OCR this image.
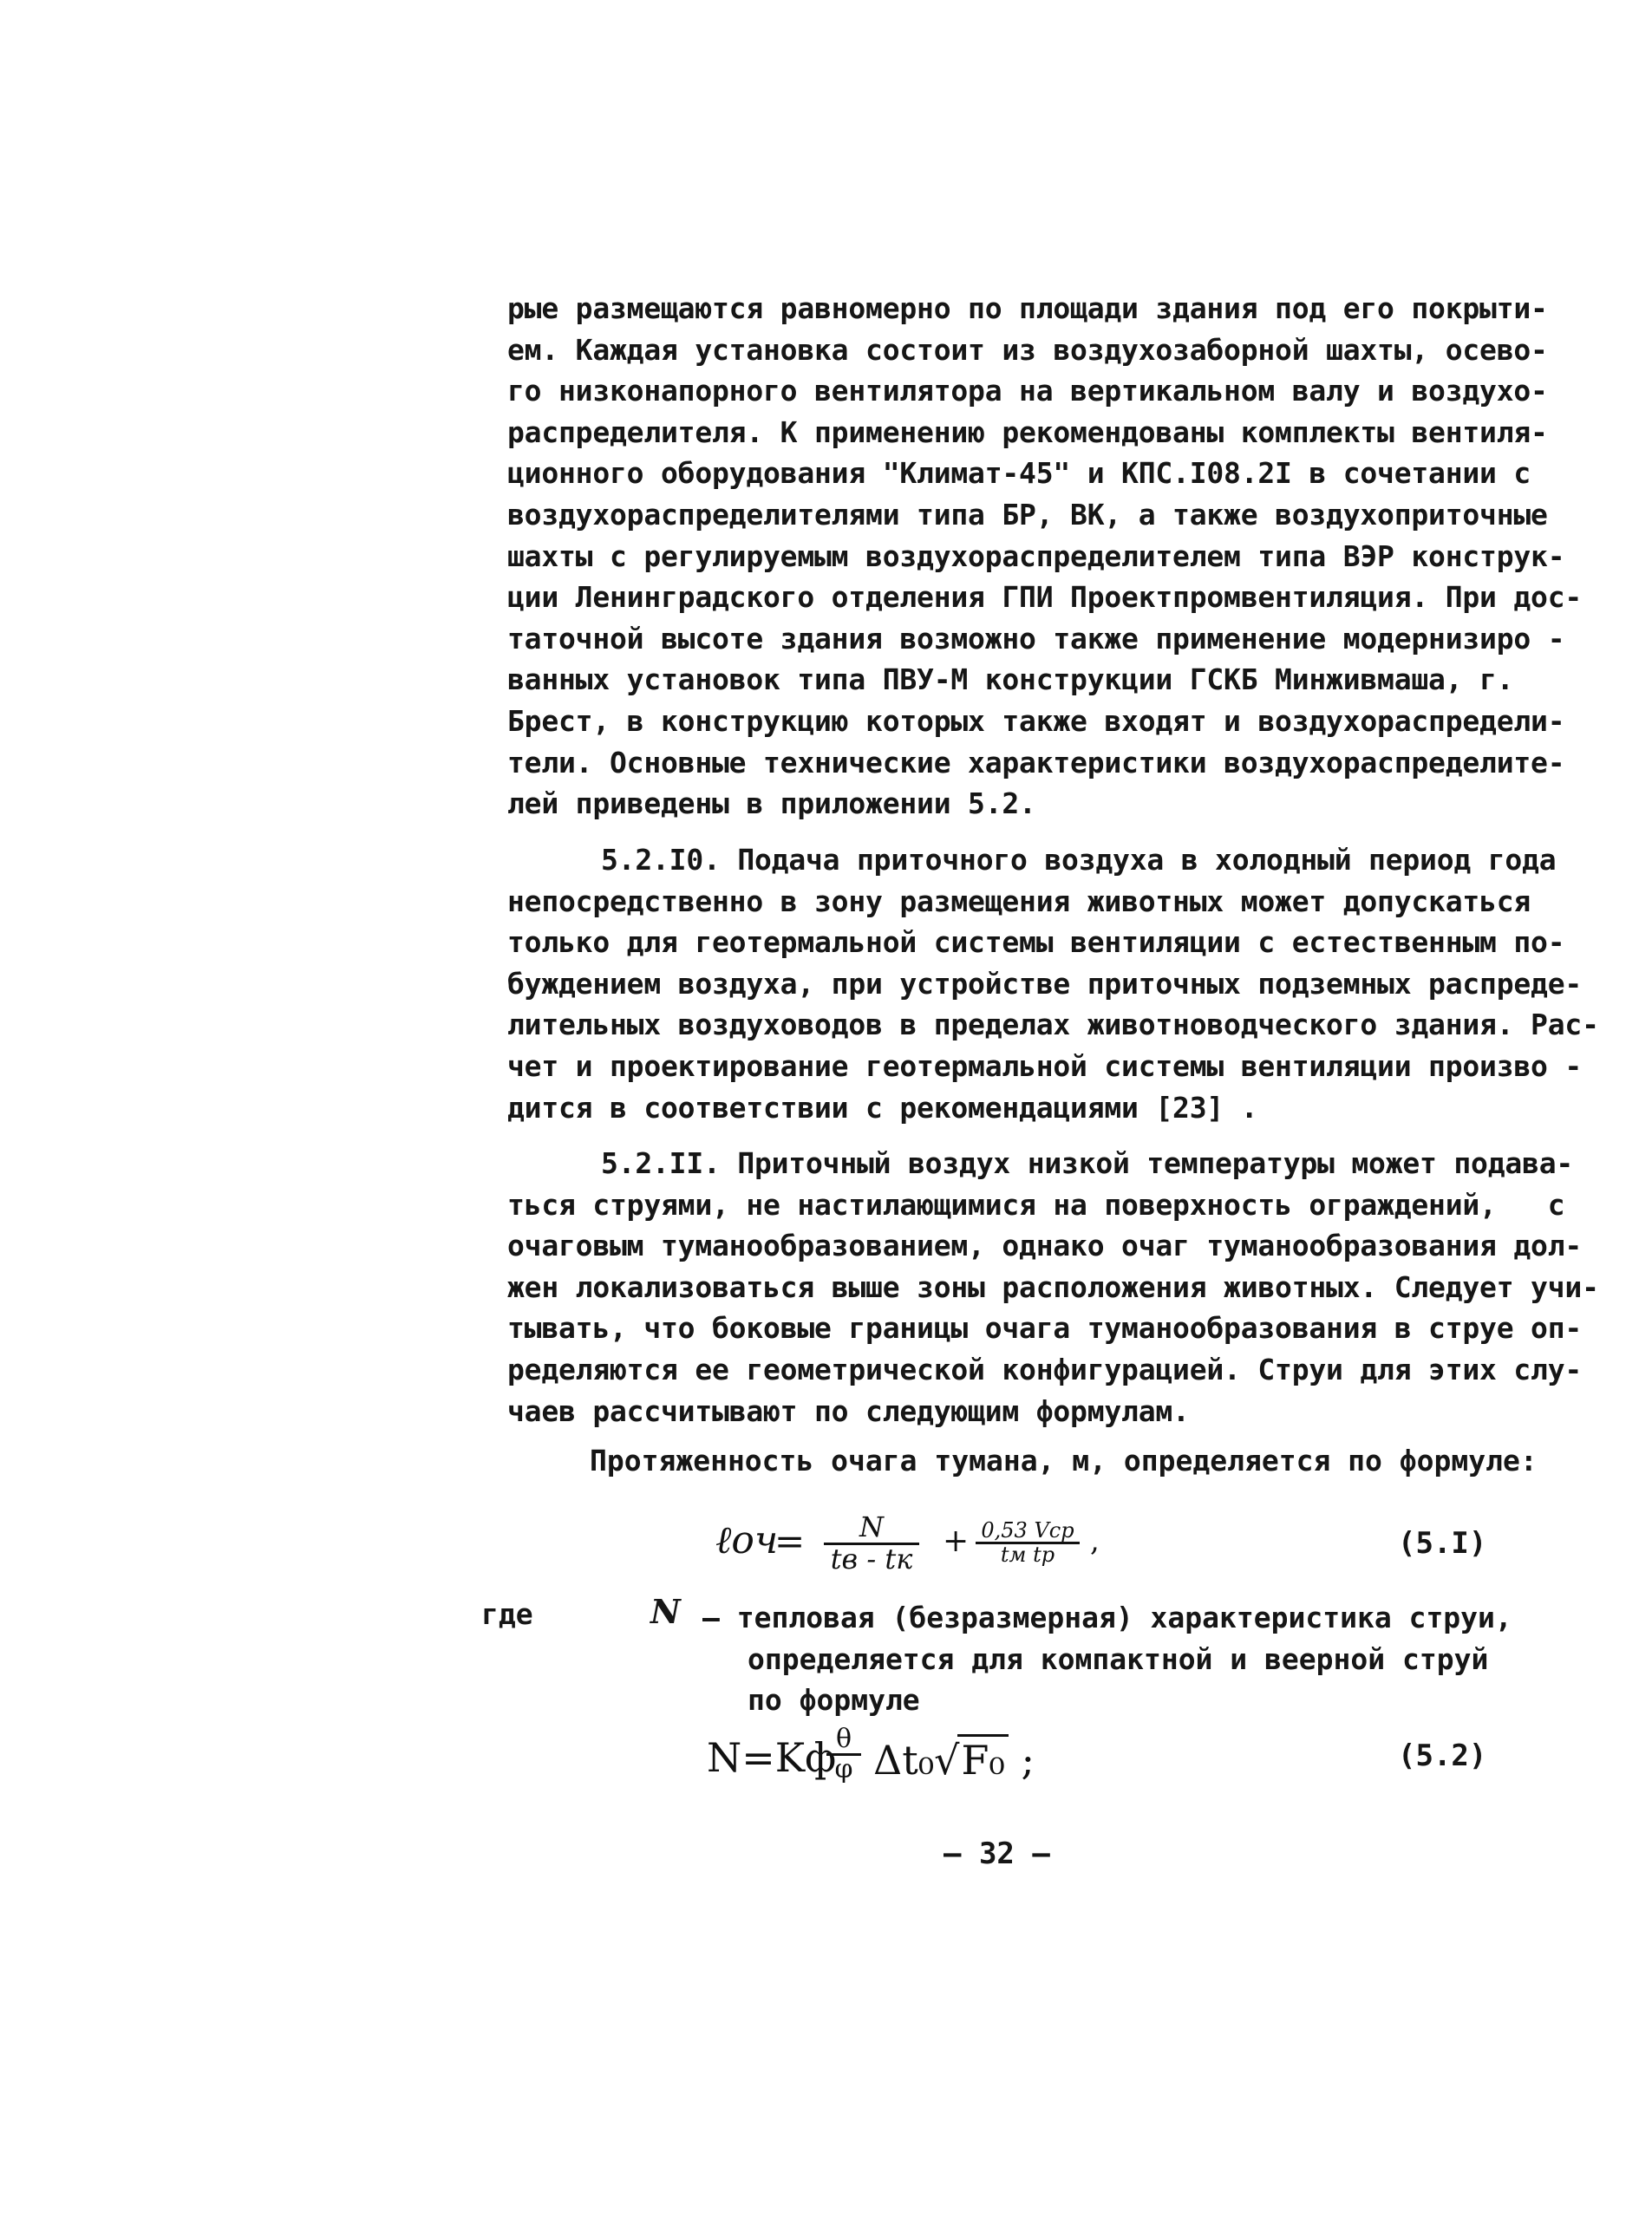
рые размещаются равномерно по площади здания под его покрыти-
ем. Каждая установка состоит из воздухозаборной шахты, осево-
го низконапорного вентилятора на вертикальном валу и воздухо-
распределителя. К применению рекомендованы комплекты вентиля-
ционного оборудования "Климат-45" и КПС.I08.2I в сочетании с
воздухораспределителями типа БР, ВК, а также воздухоприточные
шахты с регулируемым воздухораспределителем типа ВЭР конструк-
ции Ленинградского отделения ГПИ Проектпромвентиляция. При дос-
таточной высоте здания возможно также применение модернизиро -
ванных установок типа ПВУ-М конструкции ГСКБ Минживмаша, г.
Брест, в конструкцию которых также входят и воздухораспредели-
тели. Основные технические характеристики воздухораспределите-
лей приведены в приложении 5.2.
5.2.I0. Подача приточного воздуха в холодный период года
непосредственно в зону размещения животных может допускаться
только для геотермальной системы вентиляции с естественным по-
буждением воздуха, при устройстве приточных подземных распреде-
лительных воздуховодов в пределах животноводческого здания. Рас-
чет и проектирование геотермальной системы вентиляции произво -
дится в соответствии с рекомендациями [23] .
5.2.II. Приточный воздух низкой температуры может подава-
ться струями, не настилающимися на поверхность ограждений,   с
очаговым туманообразованием, однако очаг туманообразования дол-
жен локализоваться выше зоны расположения животных. Следует учи-
тывать, что боковые границы очага туманообразования в струе оп-
ределяются ее геометрической конфигурацией. Струи для этих слу-
чаев рассчитывают по следующим формулам.
Протяженность очага тумана, м, определяется по формуле:
ℓоч
=	N
tв - tк + 0,53 Vср
tм tр	,	(5.I)
где	N – тепловая (безразмерная) характеристика струи,
определяется для компактной и веерной струй
по формуле
N=Kф
$\frac{\theta}{\varphi} \Delta t_0√F_0$ ;	(5.2)
– 32 –
